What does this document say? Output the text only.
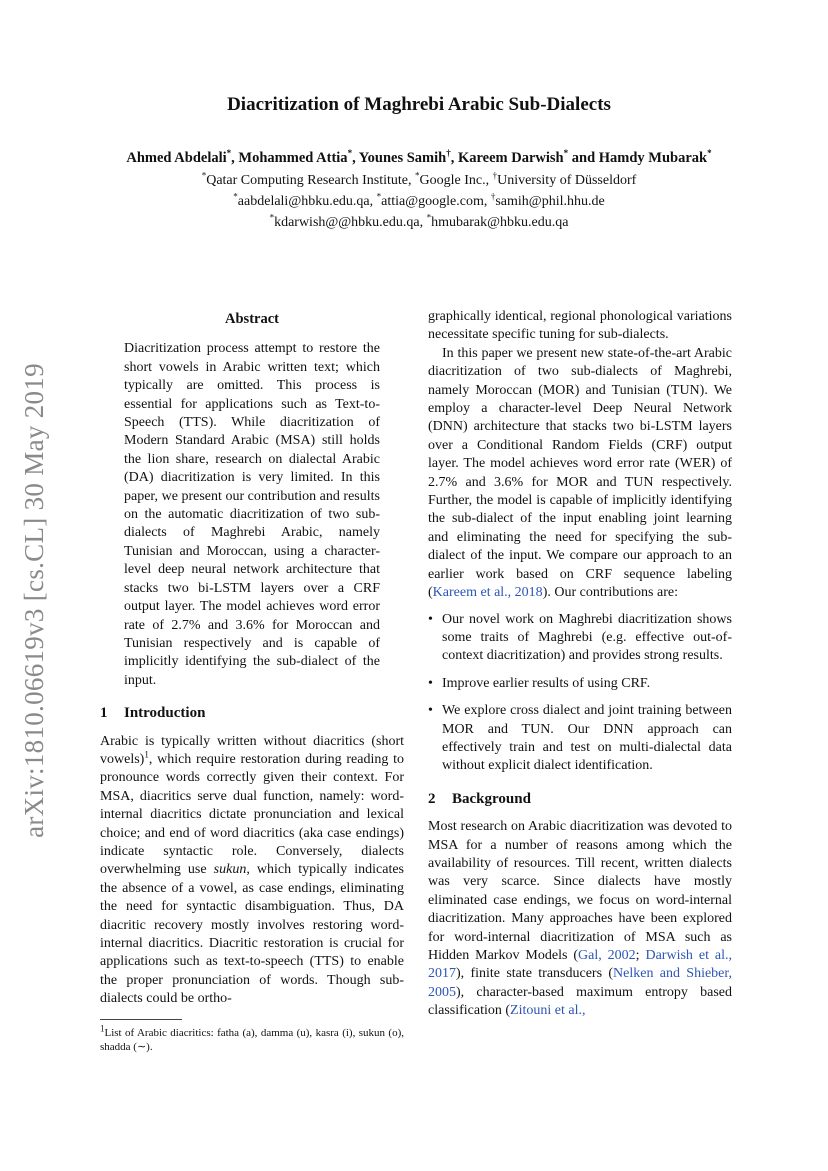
arXiv:1810.06619v3 [cs.CL] 30 May 2019
Diacritization of Maghrebi Arabic Sub-Dialects
Ahmed Abdelali*, Mohammed Attia*, Younes Samih†, Kareem Darwish* and Hamdy Mubarak*
*Qatar Computing Research Institute, *Google Inc., †University of Düsseldorf
*aabdelali@hbku.edu.qa, *attia@google.com, †samih@phil.hhu.de
*kdarwish@@hbku.edu.qa, *hmubarak@hbku.edu.qa
Abstract

Diacritization process attempt to restore the short vowels in Arabic written text; which typically are omitted. This process is essential for applications such as Text-to-Speech (TTS). While diacritization of Modern Standard Arabic (MSA) still holds the lion share, research on dialectal Arabic (DA) diacritization is very limited. In this paper, we present our contribution and results on the automatic diacritization of two sub-dialects of Maghrebi Arabic, namely Tunisian and Moroccan, using a character-level deep neural network architecture that stacks two bi-LSTM layers over a CRF output layer. The model achieves word error rate of 2.7% and 3.6% for Moroccan and Tunisian respectively and is capable of implicitly identifying the sub-dialect of the input.

1 Introduction

Arabic is typically written without diacritics (short vowels)$^1$, which require restoration during reading to pronounce words correctly given their context. For MSA, diacritics serve dual function, namely: word-internal diacritics dictate pronunciation and lexical choice; and end of word diacritics (aka case endings) indicate syntactic role. Conversely, dialects overwhelming use sukun, which typically indicates the absence of a vowel, as case endings, eliminating the need for syntactic disambiguation. Thus, DA diacritic recovery mostly involves restoring word-internal diacritics. Diacritic restoration is crucial for applications such as text-to-speech (TTS) to enable the proper pronunciation of words. Though sub-dialects could be ortho-

$^1$List of Arabic diacritics: fatha (a), damma (u), kasra (i), sukun (o), shadda (∼).

graphically identical, regional phonological variations necessitate specific tuning for sub-dialects.

In this paper we present new state-of-the-art Arabic diacritization of two sub-dialects of Maghrebi, namely Moroccan (MOR) and Tunisian (TUN). We employ a character-level Deep Neural Network (DNN) architecture that stacks two bi-LSTM layers over a Conditional Random Fields (CRF) output layer. The model achieves word error rate (WER) of 2.7% and 3.6% for MOR and TUN respectively. Further, the model is capable of implicitly identifying the sub-dialect of the input enabling joint learning and eliminating the need for specifying the sub-dialect of the input. We compare our approach to an earlier work based on CRF sequence labeling (Kareem et al., 2018). Our contributions are:

• Our novel work on Maghrebi diacritization shows some traits of Maghrebi (e.g. effective out-of-context diacritization) and provides strong results.
• Improve earlier results of using CRF.
• We explore cross dialect and joint training between MOR and TUN. Our DNN approach can effectively train and test on multi-dialectal data without explicit dialect identification.
2 Background

Most research on Arabic diacritization was devoted to MSA for a number of reasons among which the availability of resources. Till recent, written dialects was very scarce. Since dialects have mostly eliminated case endings, we focus on word-internal diacritization. Many approaches have been explored for word-internal diacritization of MSA such as Hidden Markov Models (Gal, 2002; Darwish et al., 2017), finite state transducers (Nelken and Shieber, 2005), character-based maximum entropy based classification (Zitouni et al.,
